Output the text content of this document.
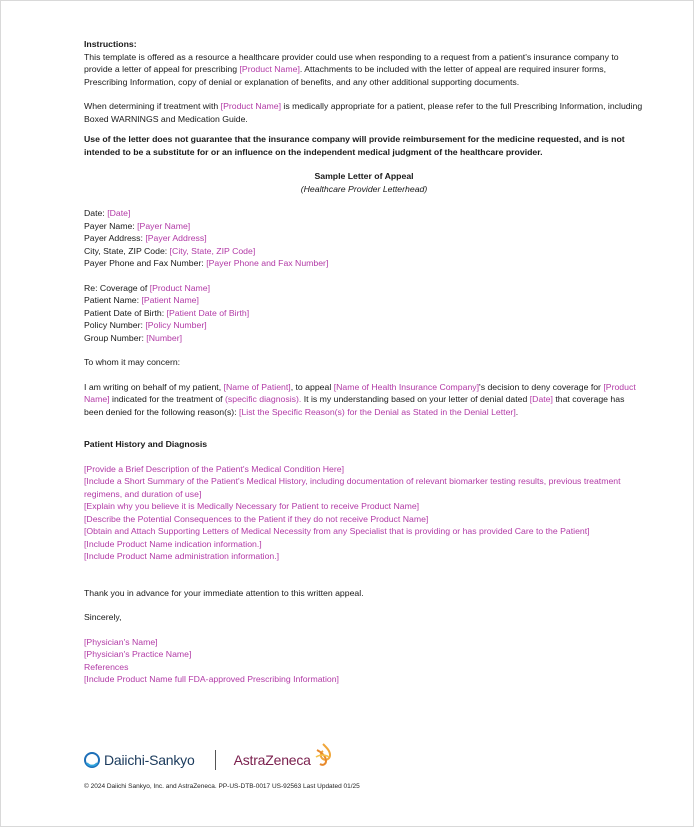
Instructions:

This template is offered as a resource a healthcare provider could use when responding to a request from a patient's insurance company to provide a letter of appeal for prescribing [Product Name]. Attachments to be included with the letter of appeal are required insurer forms, Prescribing Information, copy of denial or explanation of benefits, and any other additional supporting documents.

When determining if treatment with [Product Name] is medically appropriate for a patient, please refer to the full Prescribing Information, including Boxed WARNINGS and Medication Guide.

Use of the letter does not guarantee that the insurance company will provide reimbursement for the medicine requested, and is not intended to be a substitute for or an influence on the independent medical judgment of the healthcare provider.

Sample Letter of Appeal

(Healthcare Provider Letterhead)

Date: [Date]
Payer Name: [Payer Name]
Payer Address: [Payer Address]
City, State, ZIP Code: [City, State, ZIP Code]
Payer Phone and Fax Number: [Payer Phone and Fax Number]
Re: Coverage of [Product Name]
Patient Name: [Patient Name]
Patient Date of Birth: [Patient Date of Birth]
Policy Number: [Policy Number]
Group Number: [Number]

To whom it may concern:

I am writing on behalf of my patient, [Name of Patient], to appeal [Name of Health Insurance Company]'s decision to deny coverage for [Product Name] indicated for the treatment of (specific diagnosis). It is my understanding based on your letter of denial dated [Date] that coverage has been denied for the following reason(s): [List the Specific Reason(s) for the Denial as Stated in the Denial Letter].

Patient History and Diagnosis

[Provide a Brief Description of the Patient's Medical Condition Here]
[Include a Short Summary of the Patient's Medical History, including documentation of relevant biomarker testing results, previous treatment regimens, and duration of use]
[Explain why you believe it is Medically Necessary for Patient to receive Product Name]
[Describe the Potential Consequences to the Patient if they do not receive Product Name]
[Obtain and Attach Supporting Letters of Medical Necessity from any Specialist that is providing or has provided Care to the Patient]
[Include Product Name indication information.]
[Include Product Name administration information.]

Thank you in advance for your immediate attention to this written appeal.

Sincerely,

[Physician's Name]
[Physician's Practice Name]
References
[Include Product Name full FDA-approved Prescribing Information]
Daiichi-Sankyo	AstraZeneca
© 2024 Daiichi Sankyo, Inc. and AstraZeneca. PP-US-DTB-0017 US-92563 Last Updated 01/25
